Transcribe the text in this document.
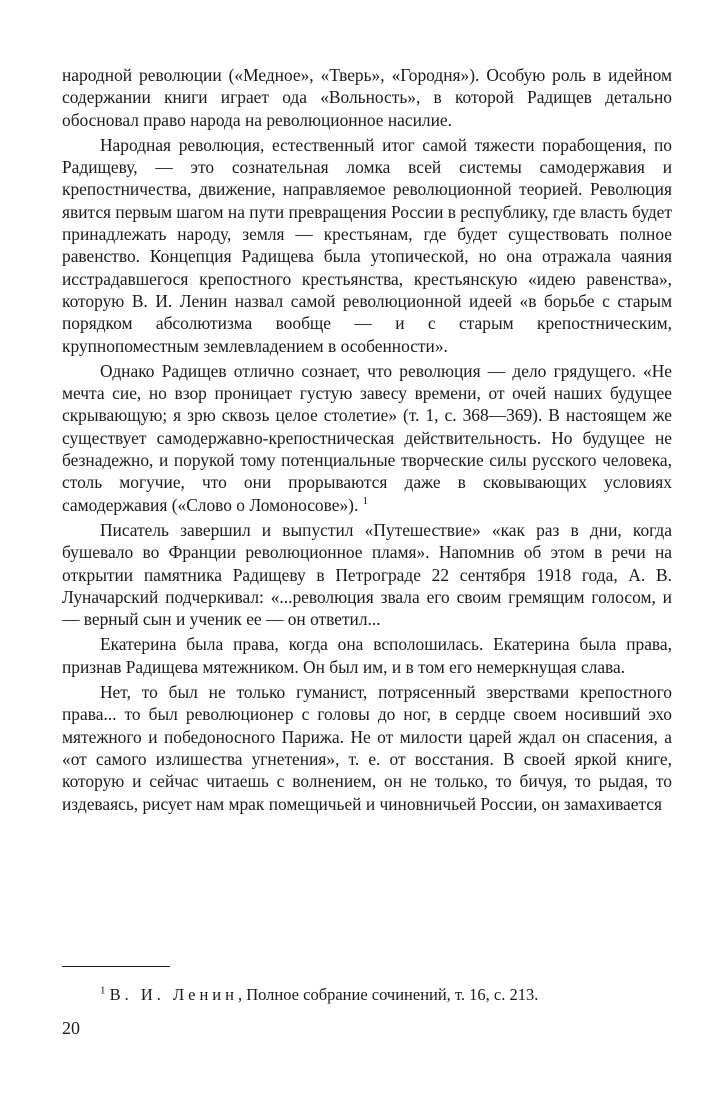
народной революции («Медное», «Тверь», «Городня»). Особую роль в идейном содержании книги играет ода «Вольность», в которой Радищев детально обосновал право народа на революционное насилие.

Народная революция, естественный итог самой тяжести порабощения, по Радищеву, — это сознательная ломка всей системы самодержавия и крепостничества, движение, направляемое революционной теорией. Революция явится первым шагом на пути превращения России в республику, где власть будет принадлежать народу, земля — крестьянам, где будет существовать полное равенство. Концепция Радищева была утопической, но она отражала чаяния исстрадавшегося крепостного крестьянства, крестьянскую «идею равенства», которую В. И. Ленин назвал самой революционной идеей «в борьбе с старым порядком абсолютизма вообще — и с старым крепостническим, крупнопоместным землевладением в особенности».

Однако Радищев отлично сознает, что революция — дело грядущего. «Не мечта сие, но взор проницает густую завесу времени, от очей наших будущее скрывающую; я зрю сквозь целое столетие» (т. 1, с. 368—369). В настоящем же существует самодержавно-крепостническая действительность. Но будущее не безнадежно, и порукой тому потенциальные творческие силы русского человека, столь могучие, что они прорываются даже в сковывающих условиях самодержавия («Слово о Ломоносове»). $^1$

Писатель завершил и выпустил «Путешествие» «как раз в дни, когда бушевало во Франции революционное пламя». Напомнив об этом в речи на открытии памятника Радищеву в Петрограде 22 сентября 1918 года, А. В. Луначарский подчеркивал: «...революция звала его своим гремящим голосом, и — верный сын и ученик ее — он ответил...

Екатерина была права, когда она всполошилась. Екатерина была права, признав Радищева мятежником. Он был им, и в том его немеркнущая слава.

Нет, то был не только гуманист, потрясенный зверствами крепостного права... то был революционер с головы до ног, в сердце своем носивший эхо мятежного и победоносного Парижа. Не от милости царей ждал он спасения, а «от самого излишества угнетения», т. е. от восстания. В своей яркой книге, которую и сейчас читаешь с волнением, он не только, то бичуя, то рыдая, то издеваясь, рисует нам мрак помещичьей и чиновничьей России, он замахивается

$^1$ В. И. Ленин, Полное собрание сочинений, т. 16, с. 213.
20
